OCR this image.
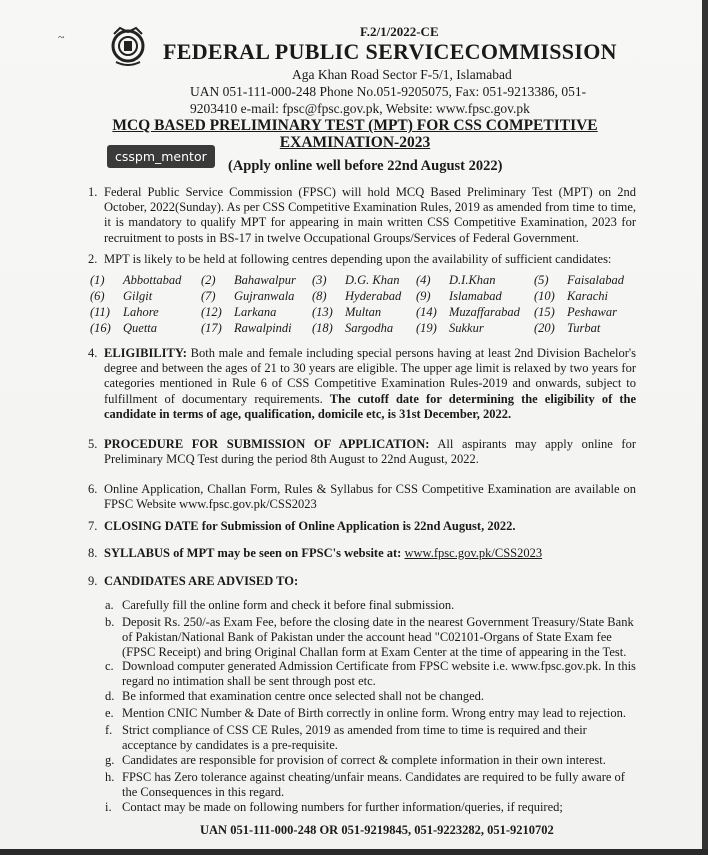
~	F.2/1/2022-CE
FEDERAL PUBLIC SERVICECOMMISSION
Aga Khan Road Sector F-5/1, Islamabad
UAN 051-111-000-248 Phone No.051-9205075, Fax: 051-9213386, 051-9203410 e-mail: fpsc@fpsc.gov.pk, Website: www.fpsc.gov.pk
MCQ BASED PRELIMINARY TEST (MPT) FOR CSS COMPETITIVE
EXAMINATION-2023
csspm_mentor
(Apply online well before 22nd August 2022)
1. Federal Public Service Commission (FPSC) will hold MCQ Based Preliminary Test (MPT) on 2nd October, 2022(Sunday). As per CSS Competitive Examination Rules, 2019 as amended from time to time, it is mandatory to qualify MPT for appearing in main written CSS Competitive Examination, 2023 for recruitment to posts in BS-17 in twelve Occupational Groups/Services of Federal Government.
2. MPT is likely to be held at following centres depending upon the availability of sufficient candidates:
(1) Abbottabad (2) Bahawalpur (3) D.G. Khan (4) D.I.Khan	(5) Faisalabad
(6) Gilgit	(7) Gujranwala (8) Hyderabad (9) Islamabad	(10) Karachi
(11) Lahore	(12) Larkana	(13) Multan	(14) Muzaffarabad (15) Peshawar
(16) Quetta	(17) Rawalpindi (18) Sargodha (19) Sukkur	(20) Turbat
4. ELIGIBILITY: Both male and female including special persons having at least 2nd Division Bachelor's degree and between the ages of 21 to 30 years are eligible. The upper age limit is relaxed by two years for categories mentioned in Rule 6 of CSS Competitive Examination Rules-2019 and onwards, subject to fulfillment of documentary requirements. The cutoff date for determining the eligibility of the candidate in terms of age, qualification, domicile etc, is 31st December, 2022.
5. PROCEDURE FOR SUBMISSION OF APPLICATION: All aspirants may apply online for Preliminary MCQ Test during the period 8th August to 22nd August, 2022.
6. Online Application, Challan Form, Rules & Syllabus for CSS Competitive Examination are available on FPSC Website www.fpsc.gov.pk/CSS2023
7. CLOSING DATE for Submission of Online Application is 22nd August, 2022.
8. SYLLABUS of MPT may be seen on FPSC's website at: www.fpsc.gov.pk/CSS2023
9. CANDIDATES ARE ADVISED TO:
a. Carefully fill the online form and check it before final submission.
b. Deposit Rs. 250/-as Exam Fee, before the closing date in the nearest Government Treasury/State Bank of Pakistan/National Bank of Pakistan under the account head "C02101-Organs of State Exam fee (FPSC Receipt) and bring Original Challan form at Exam Center at the time of appearing in the Test.
c. Download computer generated Admission Certificate from FPSC website i.e. www.fpsc.gov.pk. In this regard no intimation shall be sent through post etc.
d. Be informed that examination centre once selected shall not be changed.
e. Mention CNIC Number & Date of Birth correctly in online form. Wrong entry may lead to rejection.
f. Strict compliance of CSS CE Rules, 2019 as amended from time to time is required and their acceptance by candidates is a pre-requisite.
g. Candidates are responsible for provision of correct & complete information in their own interest.
h. FPSC has Zero tolerance against cheating/unfair means. Candidates are required to be fully aware of the Consequences in this regard.
i. Contact may be made on following numbers for further information/queries, if required;
UAN 051-111-000-248 OR 051-9219845, 051-9223282, 051-9210702
